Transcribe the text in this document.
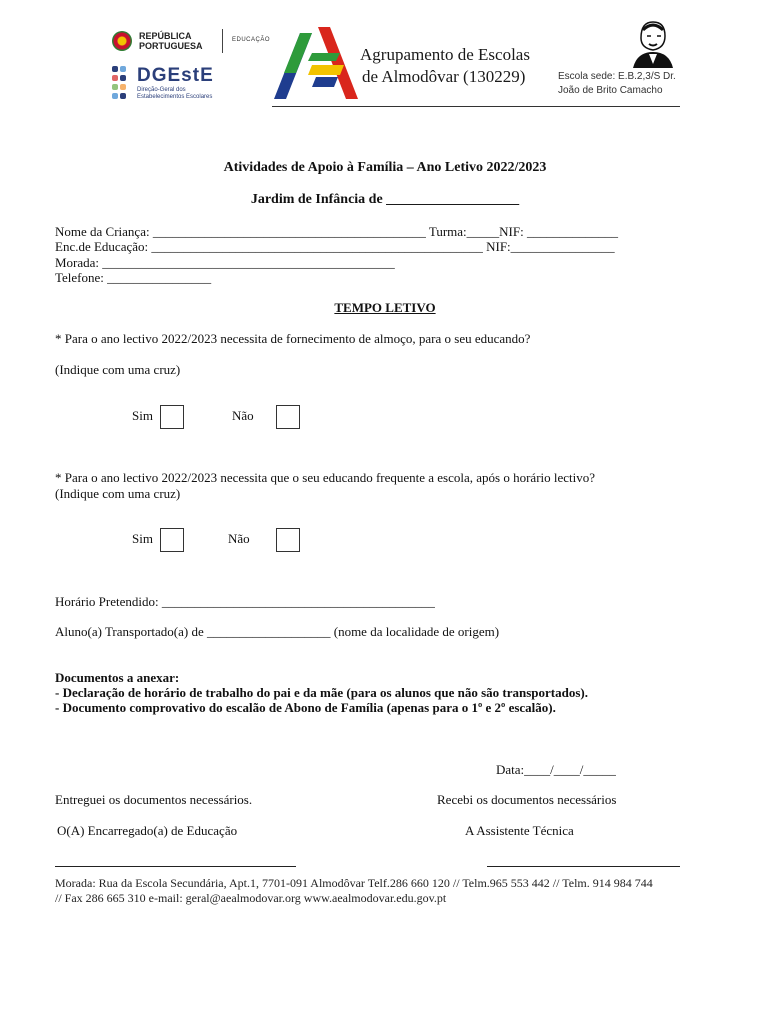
REPÚBLICA
PORTUGUESA
EDUCAÇÃO
DGEstE
Direção-Geral dos
Estabelecimentos Escolares
Agrupamento de Escolas
de Almodôvar (130229)	Escola sede: E.B.2,3/S Dr.
João de Brito Camacho
Atividades de Apoio à Família – Ano Letivo 2022/2023
Jardim de Infância de ___________________
Nome da Criança: __________________________________________ Turma:_____NIF: ______________
Enc.de Educação: ___________________________________________________ NIF:________________
Morada: _____________________________________________
Telefone: ________________
TEMPO LETIVO
* Para o ano lectivo 2022/2023 necessita de fornecimento de almoço, para o seu educando?
(Indique com uma cruz)
Sim	Não
* Para o ano lectivo 2022/2023 necessita que o seu educando frequente a escola, após o horário lectivo?
(Indique com uma cruz)
Sim	Não
Horário Pretendido: __________________________________________
Aluno(a) Transportado(a) de ___________________ (nome da localidade de origem)
Documentos a anexar:
- Declaração de horário de trabalho do pai e da mãe (para os alunos que não são transportados).
- Documento comprovativo do escalão de Abono de Família (apenas para o 1º e 2º escalão).
Data:____/____/_____
Entreguei os documentos necessários.	Recebi os documentos necessários
O(A) Encarregado(a) de Educação	A Assistente Técnica
Morada: Rua da Escola Secundária, Apt.1, 7701-091 Almodôvar Telf.286 660 120 // Telm.965 553 442 // Telm. 914 984 744
// Fax 286 665 310 e-mail: geral@aealmodovar.org www.aealmodovar.edu.gov.pt
